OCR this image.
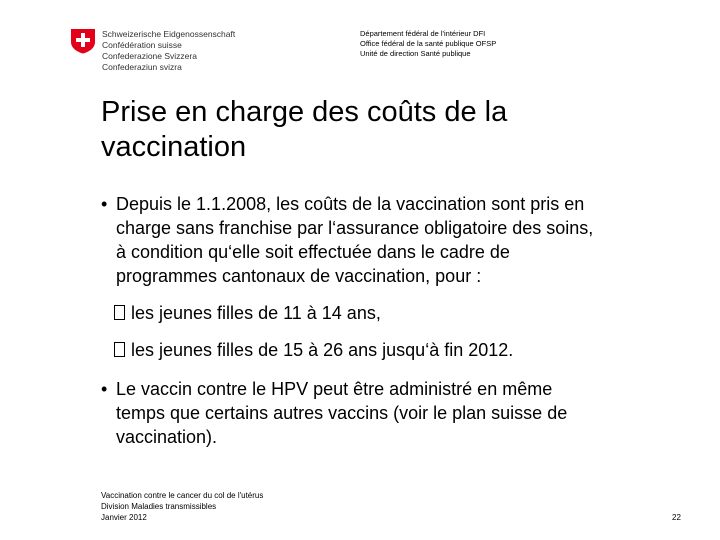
Schweizerische Eidgenossenschaft
Confédération suisse
Confederazione Svizzera
Confederaziun svizra
Département fédéral de l'intérieur DFI
Office fédéral de la santé publique OFSP
Unité de direction Santé publique
Prise en charge des coûts de la
vaccination
• Depuis le 1.1.2008, les coûts de la vaccination sont pris en
charge sans franchise par l‘assurance obligatoire des soins,
à condition qu‘elle soit effectuée dans le cadre de
programmes cantonaux de vaccination, pour :
les jeunes filles de 11 à 14 ans,
les jeunes filles de 15 à 26 ans jusqu‘à fin 2012.
• Le vaccin contre le HPV peut être administré en même
temps que certains autres vaccins (voir le plan suisse de
vaccination).
Vaccination contre le cancer du col de l'utérus
Division Maladies transmissibles
Janvier 2012	22
